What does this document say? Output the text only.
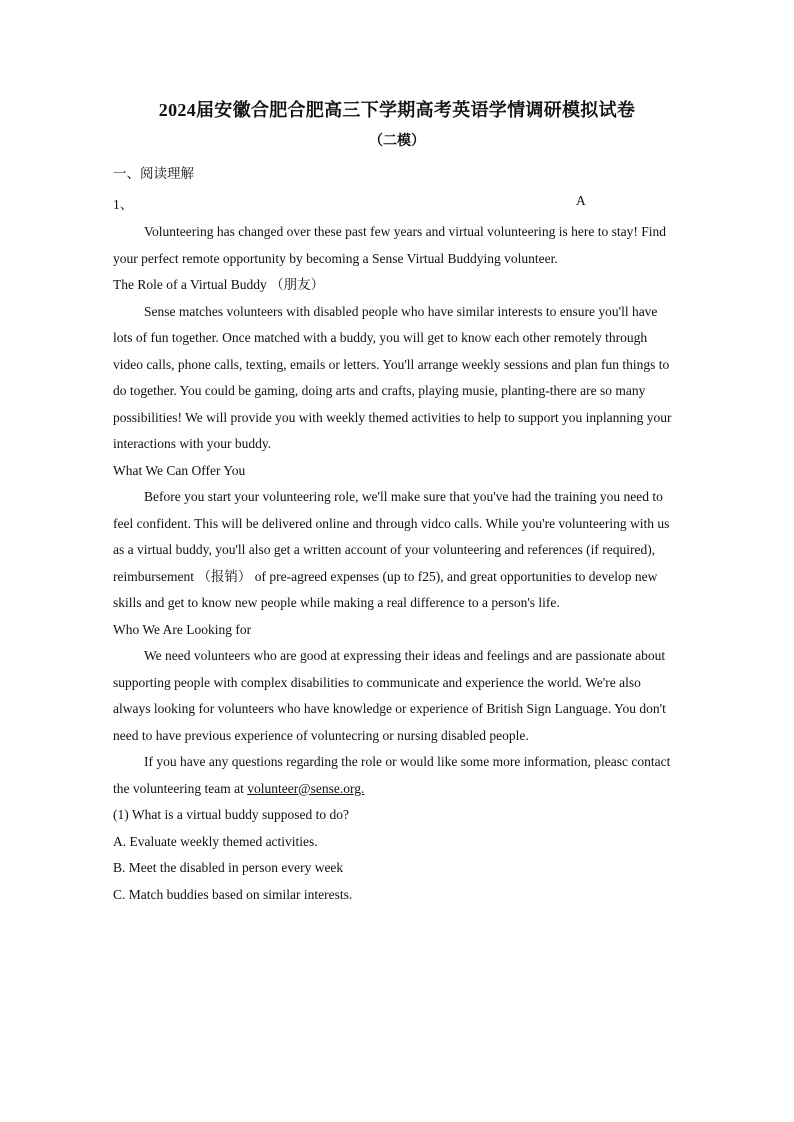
2024届安徽合肥合肥高三下学期高考英语学情调研模拟试卷
（二模）
一、阅读理解
1、	A

Volunteering has changed over these past few years and virtual volunteering is here to stay! Find your perfect remote opportunity by becoming a Sense Virtual Buddying volunteer.

The Role of a Virtual Buddy （朋友）

Sense matches volunteers with disabled people who have similar interests to ensure you'll have lots of fun together. Once matched with a buddy, you will get to know each other remotely through video calls, phone calls, texting, emails or letters. You'll arrange weekly sessions and plan fun things to do together. You could be gaming, doing arts and crafts, playing musie, planting-there are so many possibilities! We will provide you with weekly themed activities to help to support you inplanning your interactions with your buddy.

What We Can Offer You

Before you start your volunteering role, we'll make sure that you've had the training you need to feel confident. This will be delivered online and through vidco calls. While you're volunteering with us as a virtual buddy, you'll also get a written account of your volunteering and references (if required), reimbursement （报销） of pre-agreed expenses (up to f25), and great opportunities to develop new skills and get to know new people while making a real difference to a person's life.

Who We Are Looking for

We need volunteers who are good at expressing their ideas and feelings and are passionate about supporting people with complex disabilities to communicate and experience the world. We're also always looking for volunteers who have knowledge or experience of British Sign Language. You don't need to have previous experience of voluntecring or nursing disabled people.

If you have any questions regarding the role or would like some more information, pleasc contact the volunteering team at volunteer@sense.org.

(1) What is a virtual buddy supposed to do?

A. Evaluate weekly themed activities.

B. Meet the disabled in person every week

C. Match buddies based on similar interests.
